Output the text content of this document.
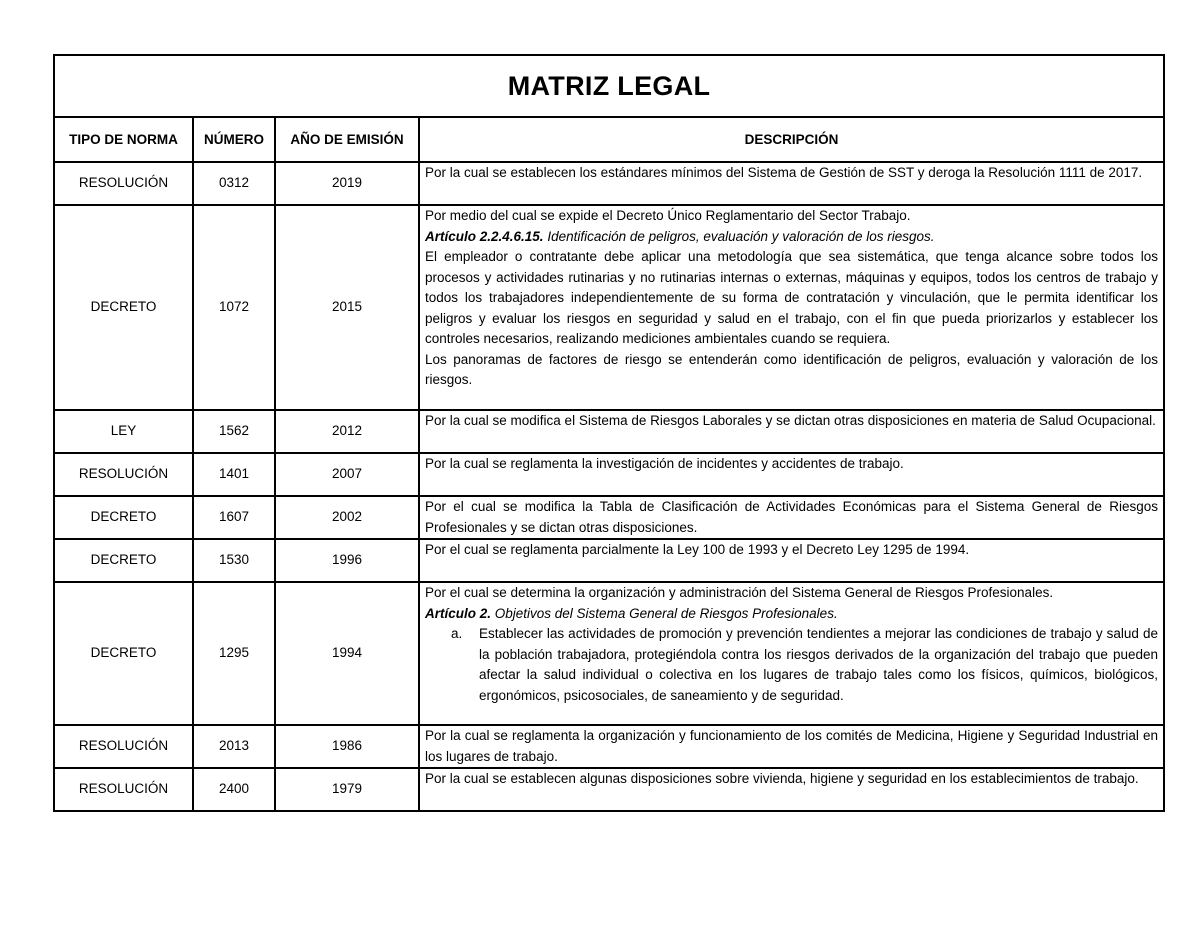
MATRIZ LEGAL			
TIPO DE NORMA	NÚMERO	AÑO DE EMISIÓN	DESCRIPCIÓN
RESOLUCIÓN	0312	2019	Por la cual se establecen los estándares mínimos del Sistema de Gestión de SST y deroga la Resolución 1111 de 2017.
DECRETO	1072	2015	Por medio del cual se expide el Decreto Único Reglamentario del Sector Trabajo.
Artículo 2.2.4.6.15. Identificación de peligros, evaluación y valoración de los riesgos.
El empleador o contratante debe aplicar una metodología que sea sistemática, que tenga alcance sobre todos los procesos y actividades rutinarias y no rutinarias internas o externas, máquinas y equipos, todos los centros de trabajo y todos los trabajadores independientemente de su forma de contratación y vinculación, que le permita identificar los peligros y evaluar los riesgos en seguridad y salud en el trabajo, con el fin que pueda priorizarlos y establecer los controles necesarios, realizando mediciones ambientales cuando se requiera.
Los panoramas de factores de riesgo se entenderán como identificación de peligros, evaluación y valoración de los riesgos.

LEY	1562	2012	Por la cual se modifica el Sistema de Riesgos Laborales y se dictan otras disposiciones en materia de Salud Ocupacional.
RESOLUCIÓN	1401	2007	Por la cual se reglamenta la investigación de incidentes y accidentes de trabajo.
DECRETO	1607	2002	Por el cual se modifica la Tabla de Clasificación de Actividades Económicas para el Sistema General de Riesgos Profesionales y se dictan otras disposiciones.
DECRETO	1530	1996	Por el cual se reglamenta parcialmente la Ley 100 de 1993 y el Decreto Ley 1295 de 1994.
DECRETO	1295	1994	Por el cual se determina la organización y administración del Sistema General de Riesgos Profesionales.
Artículo 2. Objetivos del Sistema General de Riesgos Profesionales.
a. Establecer las actividades de promoción y prevención tendientes a mejorar las condiciones de trabajo y salud de la población trabajadora, protegiéndola contra los riesgos derivados de la organización del trabajo que pueden afectar la salud individual o colectiva en los lugares de trabajo tales como los físicos, químicos, biológicos, ergonómicos, psicosociales, de saneamiento y de seguridad.

RESOLUCIÓN	2013	1986	Por la cual se reglamenta la organización y funcionamiento de los comités de Medicina, Higiene y Seguridad Industrial en los lugares de trabajo.
RESOLUCIÓN	2400	1979	Por la cual se establecen algunas disposiciones sobre vivienda, higiene y seguridad en los establecimientos de trabajo.
